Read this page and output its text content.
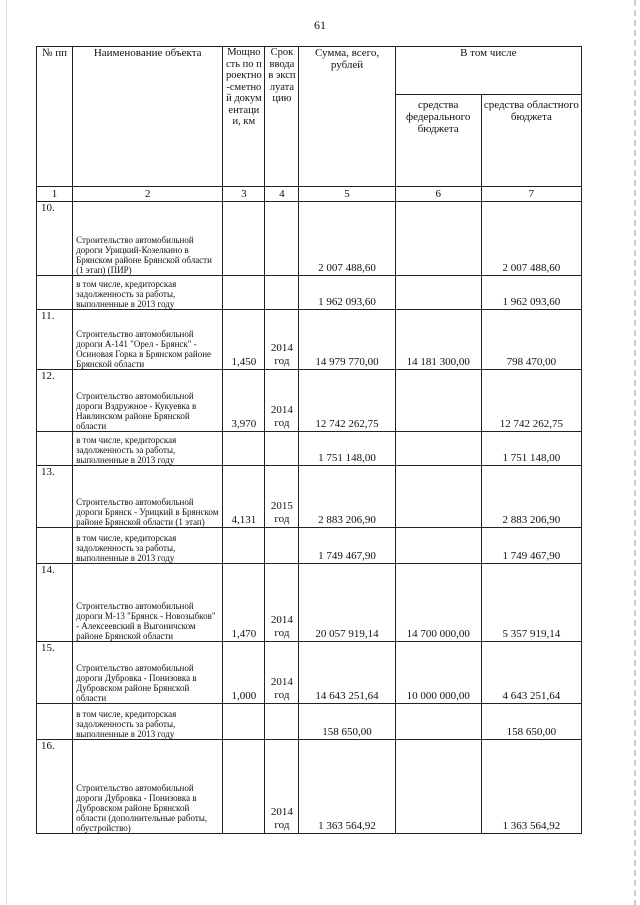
61
№ пп	Наименование объекта	Мощность по проектно-сметной документации, км	Срок ввода в эксплуатацию	Сумма, всего, рублей	В том числе	
					средства федерального бюджета	средства областного бюджета
1	2	3	4	5	6	7
10.	Строительство автомобильной дороги Урицкий-Козелкино в Брянском районе Брянской области (1 этап) (ПИР)			2 007 488,60		2 007 488,60
	в том числе, кредиторская задолженность за работы, выполненные в 2013 году			1 962 093,60		1 962 093,60
11.	Строительство автомобильной дороги А-141 "Орел - Брянск" - Осиновая Горка в Брянском районе Брянской области	1,450	2014 год	14 979 770,00	14 181 300,00	798 470,00
12.	Строительство автомобильной дороги Вздружное - Кукуевка в Навлинском районе Брянской области	3,970	2014 год	12 742 262,75		12 742 262,75
	в том числе, кредиторская задолженность за работы, выполненные в 2013 году			1 751 148,00		1 751 148,00
13.	Строительство автомобильной дороги Брянск - Урицкий в Брянском районе Брянской области (1 этап)	4,131	2015 год	2 883 206,90		2 883 206,90
	в том числе, кредиторская задолженность за работы, выполненные в 2013 году			1 749 467,90		1 749 467,90
14.	Строительство автомобильной дороги М-13 "Брянск - Новозыбков" - Алексеевский в Выгоничском районе Брянской области	1,470	2014 год	20 057 919,14	14 700 000,00	5 357 919,14
15.	Строительство автомобильной дороги Дубровка - Понизовка в Дубровском районе Брянской области	1,000	2014 год	14 643 251,64	10 000 000,00	4 643 251,64
	в том числе, кредиторская задолженность за работы, выполненные в 2013 году			158 650,00		158 650,00
16.	Строительство автомобильной дороги Дубровка - Понизовка в Дубровском районе Брянской области (дополнительные работы, обустройство)		2014 год	1 363 564,92		1 363 564,92
